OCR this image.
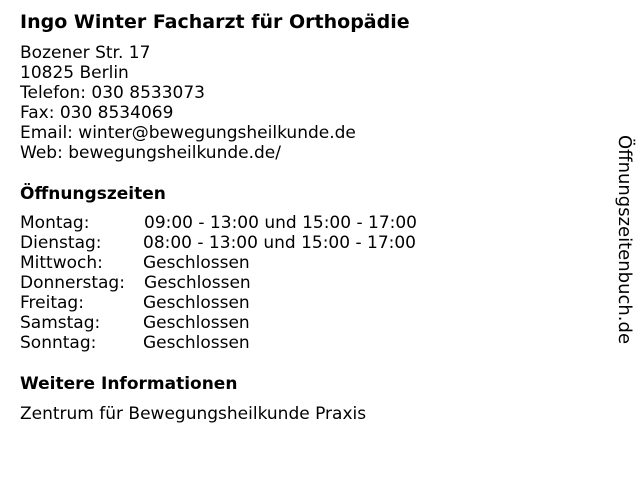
Ingo Winter Facharzt für Orthopädie
Bozener Str. 17
10825 Berlin
Telefon: 030 8533073
Fax: 030 8534069
Email: winter@bewegungsheilkunde.de
Web: bewegungsheilkunde.de/
Öffnungszeiten
Montag:	09:00 - 13:00 und 15:00 - 17:00
Dienstag: 08:00 - 13:00 und 15:00 - 17:00
Mittwoch: Geschlossen
Donnerstag: Geschlossen
Freitag:	Geschlossen
Samstag:	Geschlossen
Sonntag:	Geschlossen
Weitere Informationen
Zentrum für Bewegungsheilkunde Praxis
Öffnungszeitenbuch.de
